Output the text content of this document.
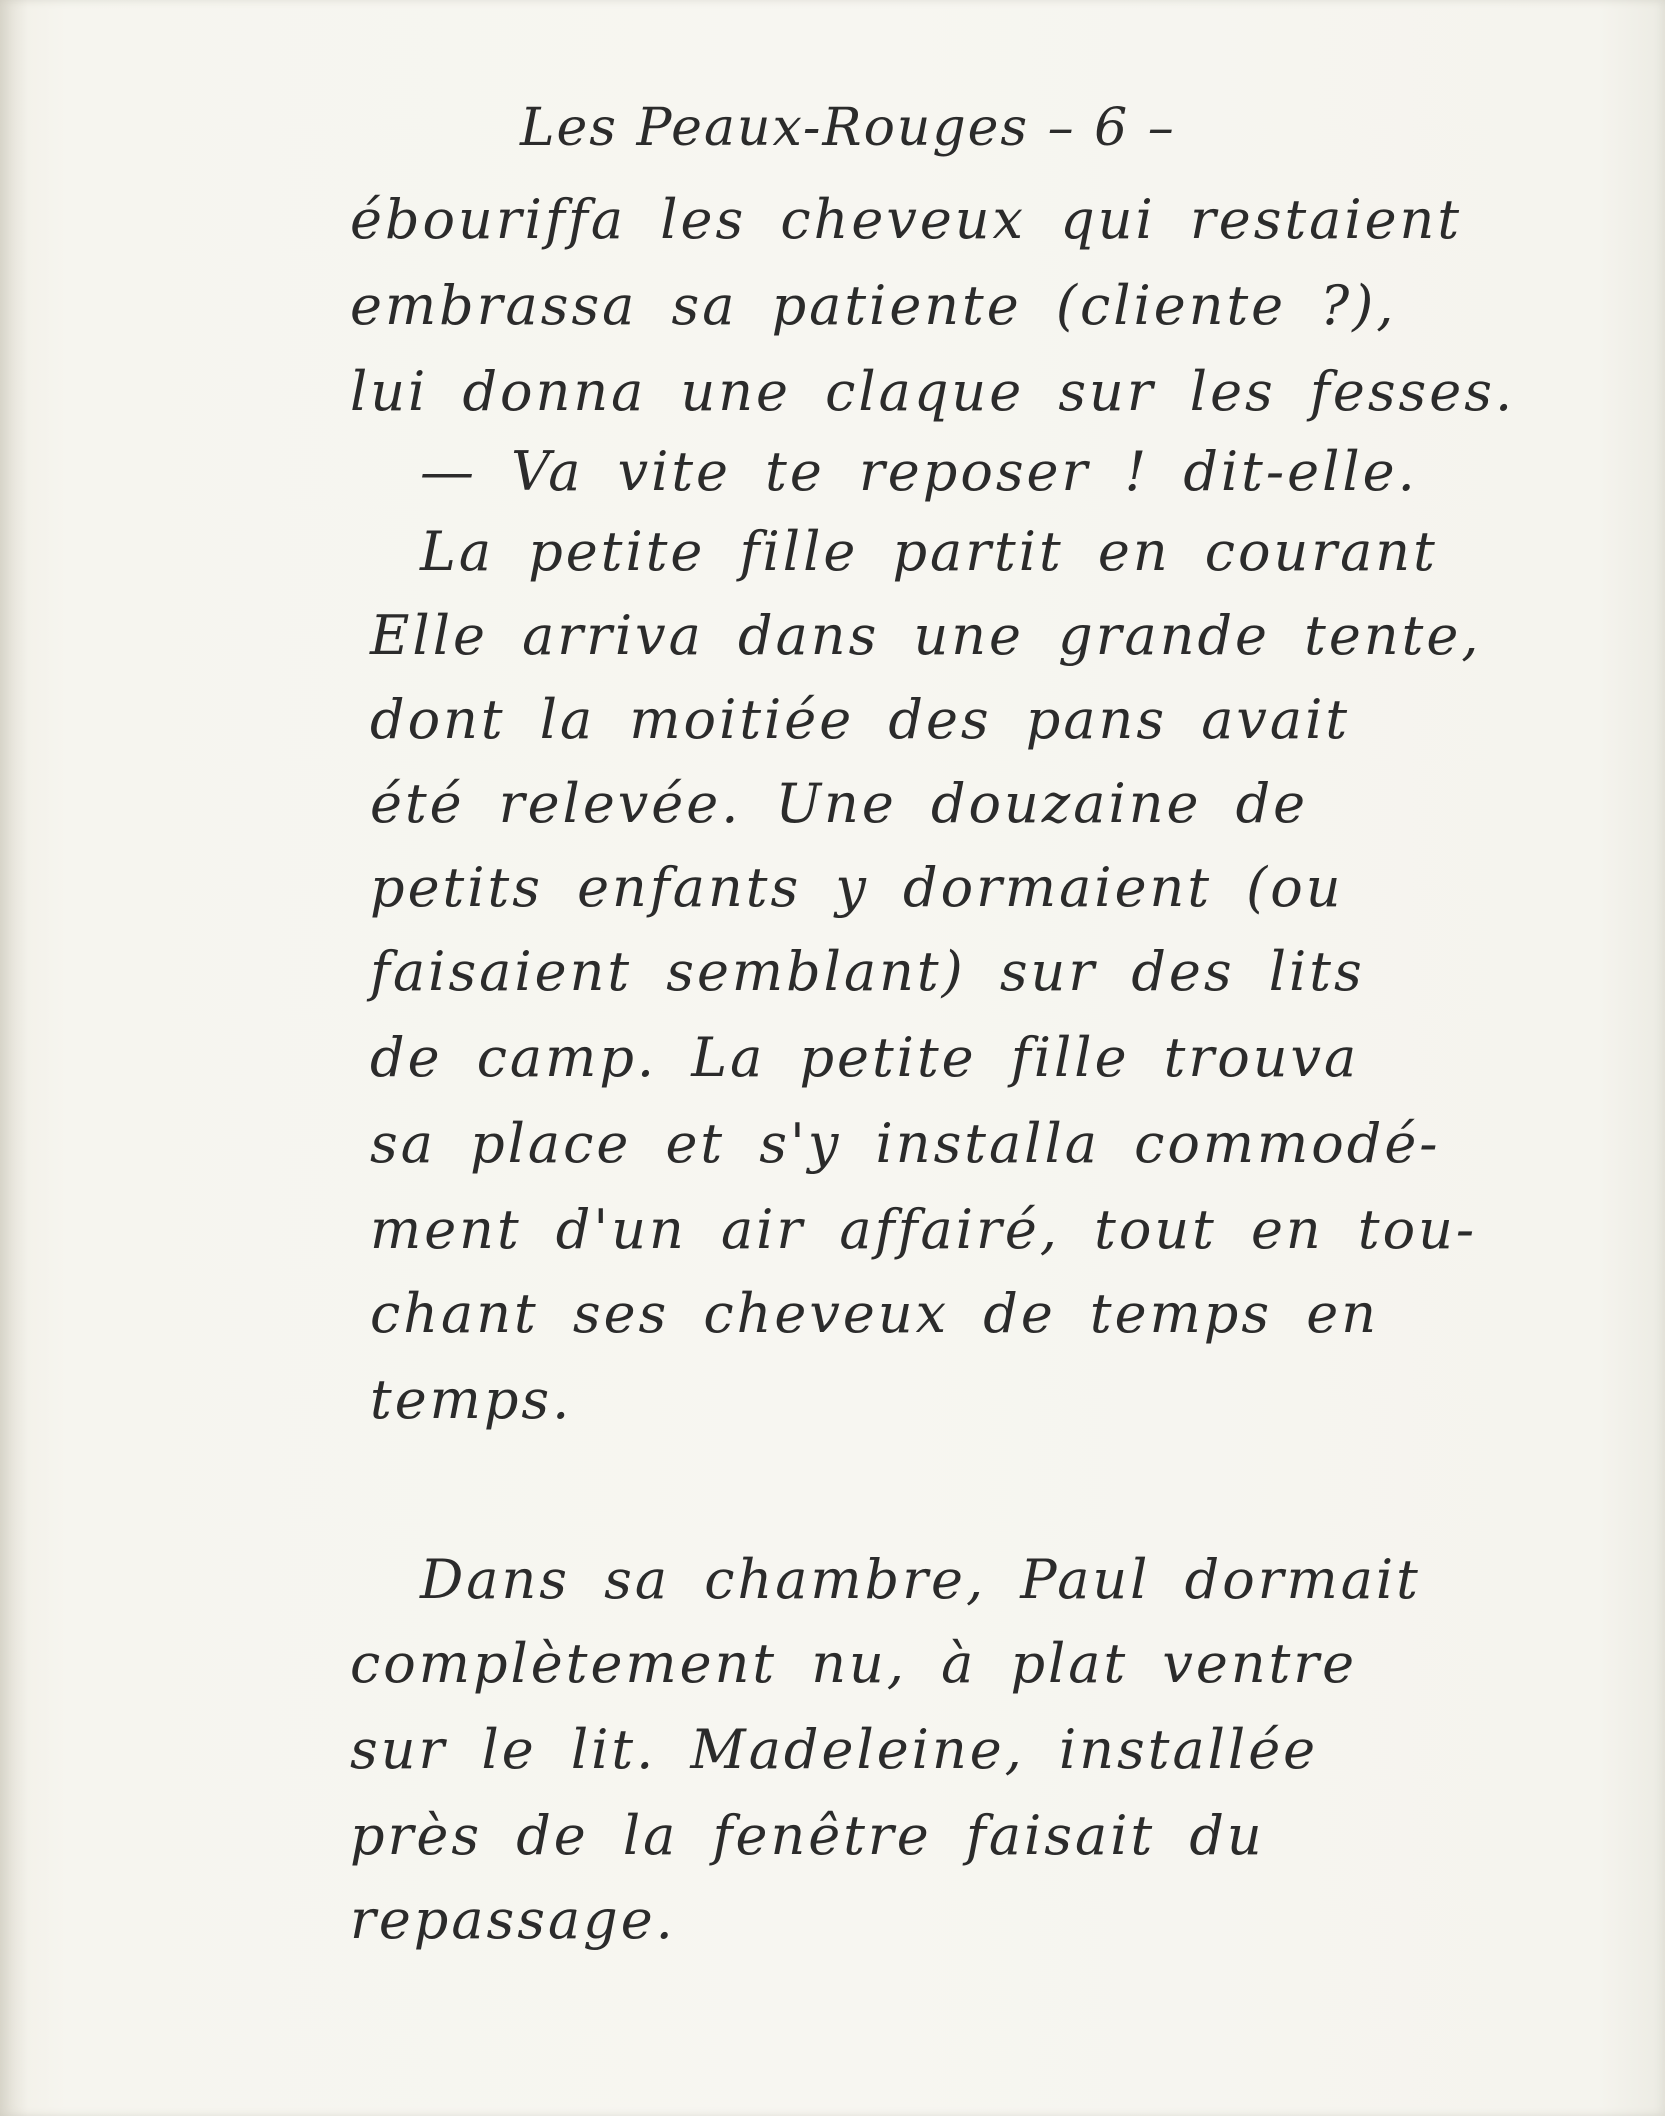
Les Peaux-Rouges – 6 –
ébouriffa les cheveux qui restaient
embrassa sa patiente (cliente ?),
lui donna une claque sur les fesses.
— Va vite te reposer ! dit-elle.
La petite fille partit en courant
Elle arriva dans une grande tente,
dont la moitiée des pans avait
été relevée. Une douzaine de
petits enfants y dormaient (ou
faisaient semblant) sur des lits
de camp. La petite fille trouva
sa place et s'y installa commodé-
ment d'un air affairé, tout en tou-
chant ses cheveux de temps en
temps.
Dans sa chambre, Paul dormait
complètement nu, à plat ventre
sur le lit. Madeleine, installée
près de la fenêtre faisait du
repassage.
